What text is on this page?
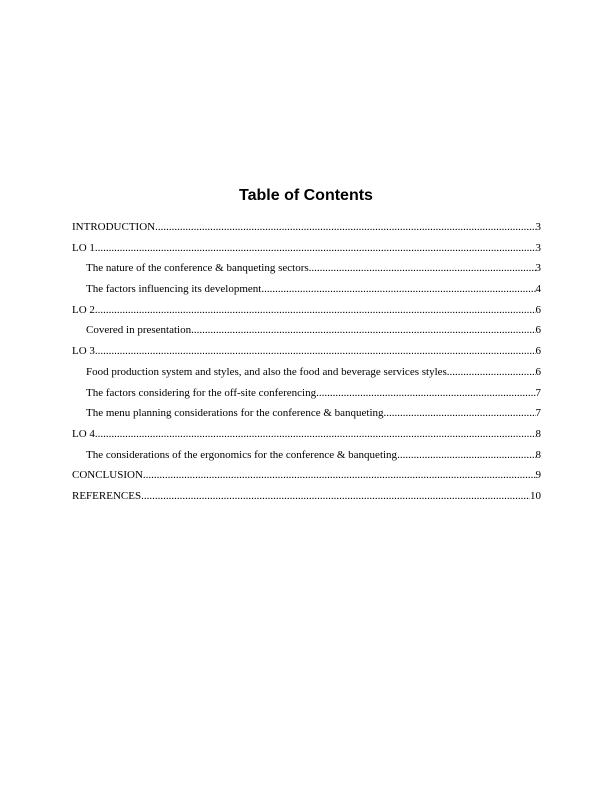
Table of Contents
INTRODUCTION .....	3
LO 1 .....	3
The nature of the conference & banqueting sectors .....	3
The factors influencing its development .....	4
LO 2 .....	6
Covered in presentation .....	6
LO 3 .....	6
Food production system and styles, and also the food and beverage services styles .....	6
The factors considering for the off-site conferencing .....	7
The menu planning considerations for the conference & banqueting .....	7
LO 4 .....	8
The considerations of the ergonomics for the conference & banqueting .....	8
CONCLUSION .....	9
REFERENCES .....	10
